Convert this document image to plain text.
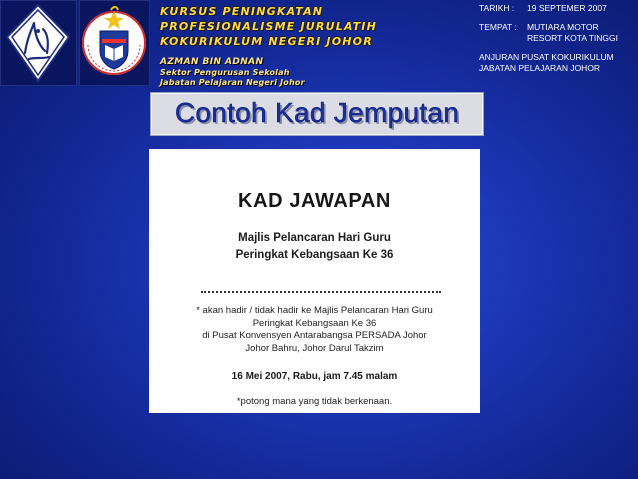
KURSUS PENINGKATAN
PROFESIONALISME JURULATIH
KOKURIKULUM NEGERI JOHOR
AZMAN BIN ADNAN
Sektor Pengurusan Sekolah
Jabatan Pelajaran Negeri Johor
TARIKH :	19 SEPTEMER 2007
TEMPAT :	MUTIARA MOTOR
RESORT KOTA TINGGI
ANJURAN PUSAT KOKURIKULUM
JABATAN PELAJARAN JOHOR
Contoh Kad Jemputan
KAD JAWAPAN
Majlis Pelancaran Hari Guru
Peringkat Kebangsaan Ke 36
* akan hadir / tidak hadir ke Majlis Pelancaran Hari Guru
Peringkat Kebangsaan Ke 36
di Pusat Konvensyen Antarabangsa PERSADA Johor
Johor Bahru, Johor Darul Takzim
16 Mei 2007, Rabu, jam 7.45 malam
*potong mana yang tidak berkenaan.
